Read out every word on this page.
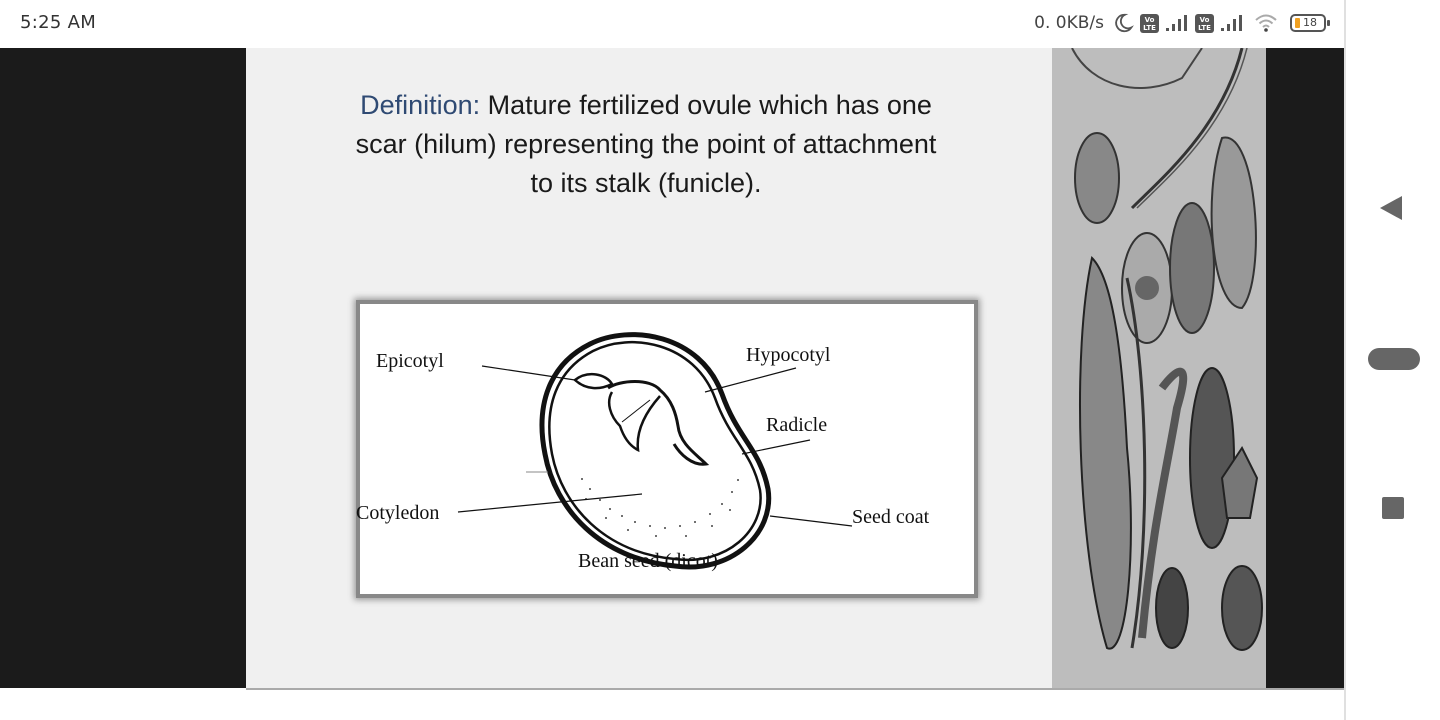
5:25 AM	0. 0KB/s	Vo
LTE
Vo
LTE	18
Definition: Mature fertilized ovule which has one
scar (hilum) representing the point of attachment
to its stalk (funicle).
Epicotyl	Hypocotyl
Radicle
Cotyledon	Seed coat
Bean seed (dicot)
